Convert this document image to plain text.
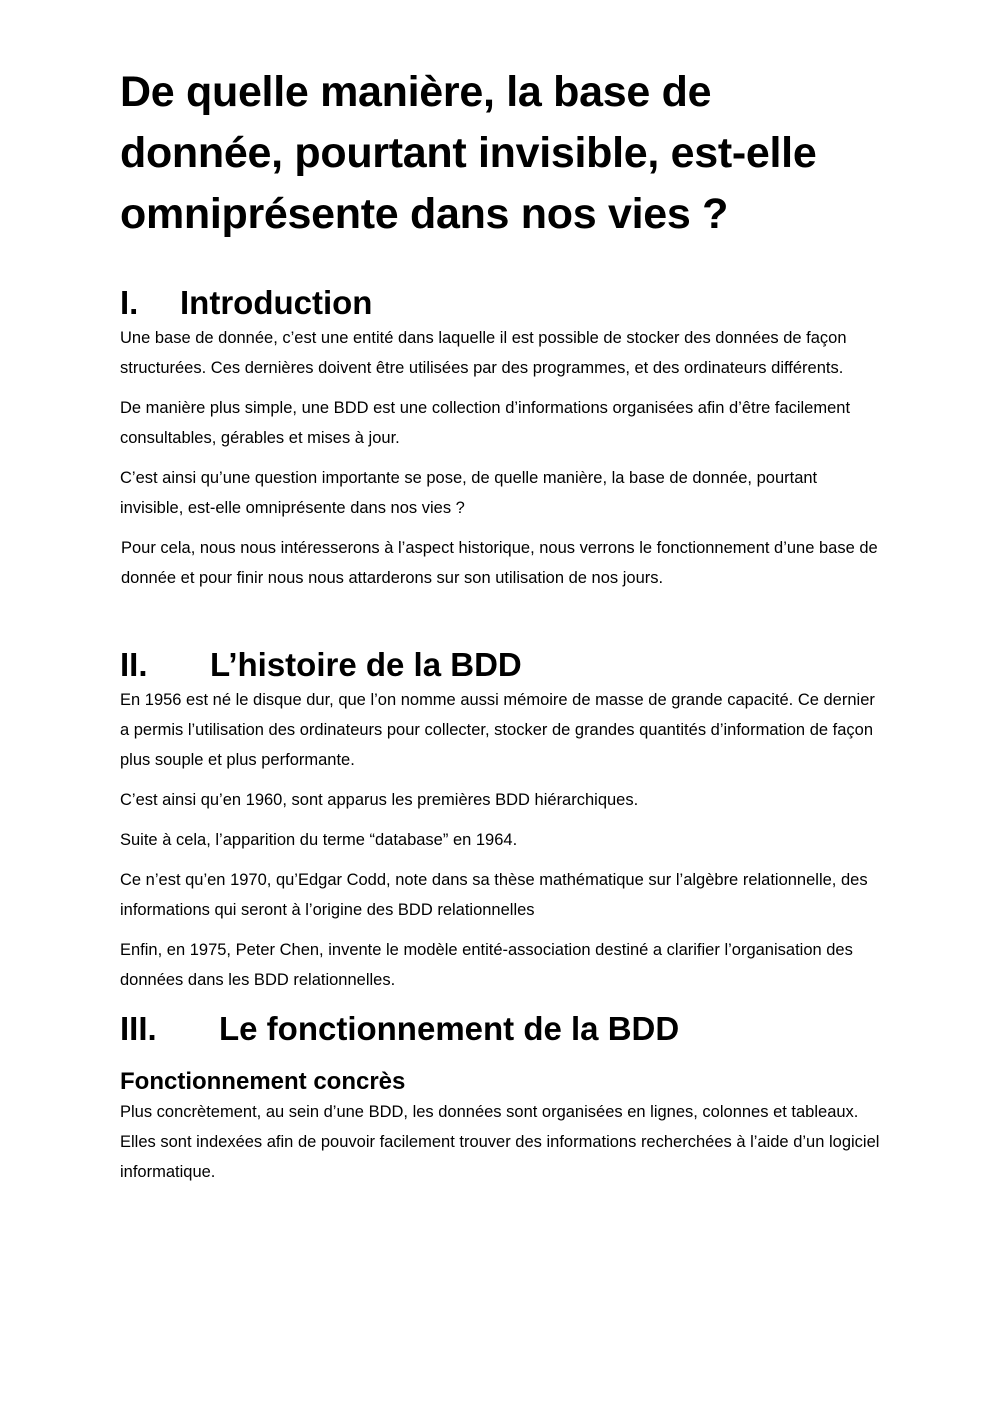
De quelle manière, la base de donnée, pourtant invisible, est-elle omniprésente dans nos vies ?
I.	Introduction

Une base de donnée, c’est une entité dans laquelle il est possible de stocker des données de façon structurées. Ces dernières doivent être utilisées par des programmes, et des ordinateurs différents.

De manière plus simple, une BDD est une collection d’informations organisées afin d’être facilement consultables, gérables et mises à jour.

C’est ainsi qu’une question importante se pose, de quelle manière, la base de donnée, pourtant invisible, est-elle omniprésente dans nos vies ?

Pour cela, nous nous intéresserons à l’aspect historique, nous verrons le fonctionnement d’une base de donnée et pour finir nous nous attarderons sur son utilisation de nos jours.

II.	L’histoire de la BDD

En 1956 est né le disque dur, que l’on nomme aussi mémoire de masse de grande capacité. Ce dernier a permis l’utilisation des ordinateurs pour collecter, stocker de grandes quantités d’information de façon plus souple et plus performante.

C’est ainsi qu’en 1960, sont apparus les premières BDD hiérarchiques.

Suite à cela, l’apparition du terme “database” en 1964.

Ce n’est qu’en 1970, qu’Edgar Codd, note dans sa thèse mathématique sur l’algèbre relationnelle, des informations qui seront à l’origine des BDD relationnelles

Enfin, en 1975, Peter Chen, invente le modèle entité-association destiné a clarifier l’organisation des données dans les BDD relationnelles.

III.	Le fonctionnement de la BDD
Fonctionnement concrès

Plus concrètement, au sein d’une BDD, les données sont organisées en lignes, colonnes et tableaux. Elles sont indexées afin de pouvoir facilement trouver des informations recherchées à l’aide d’un logiciel informatique.
